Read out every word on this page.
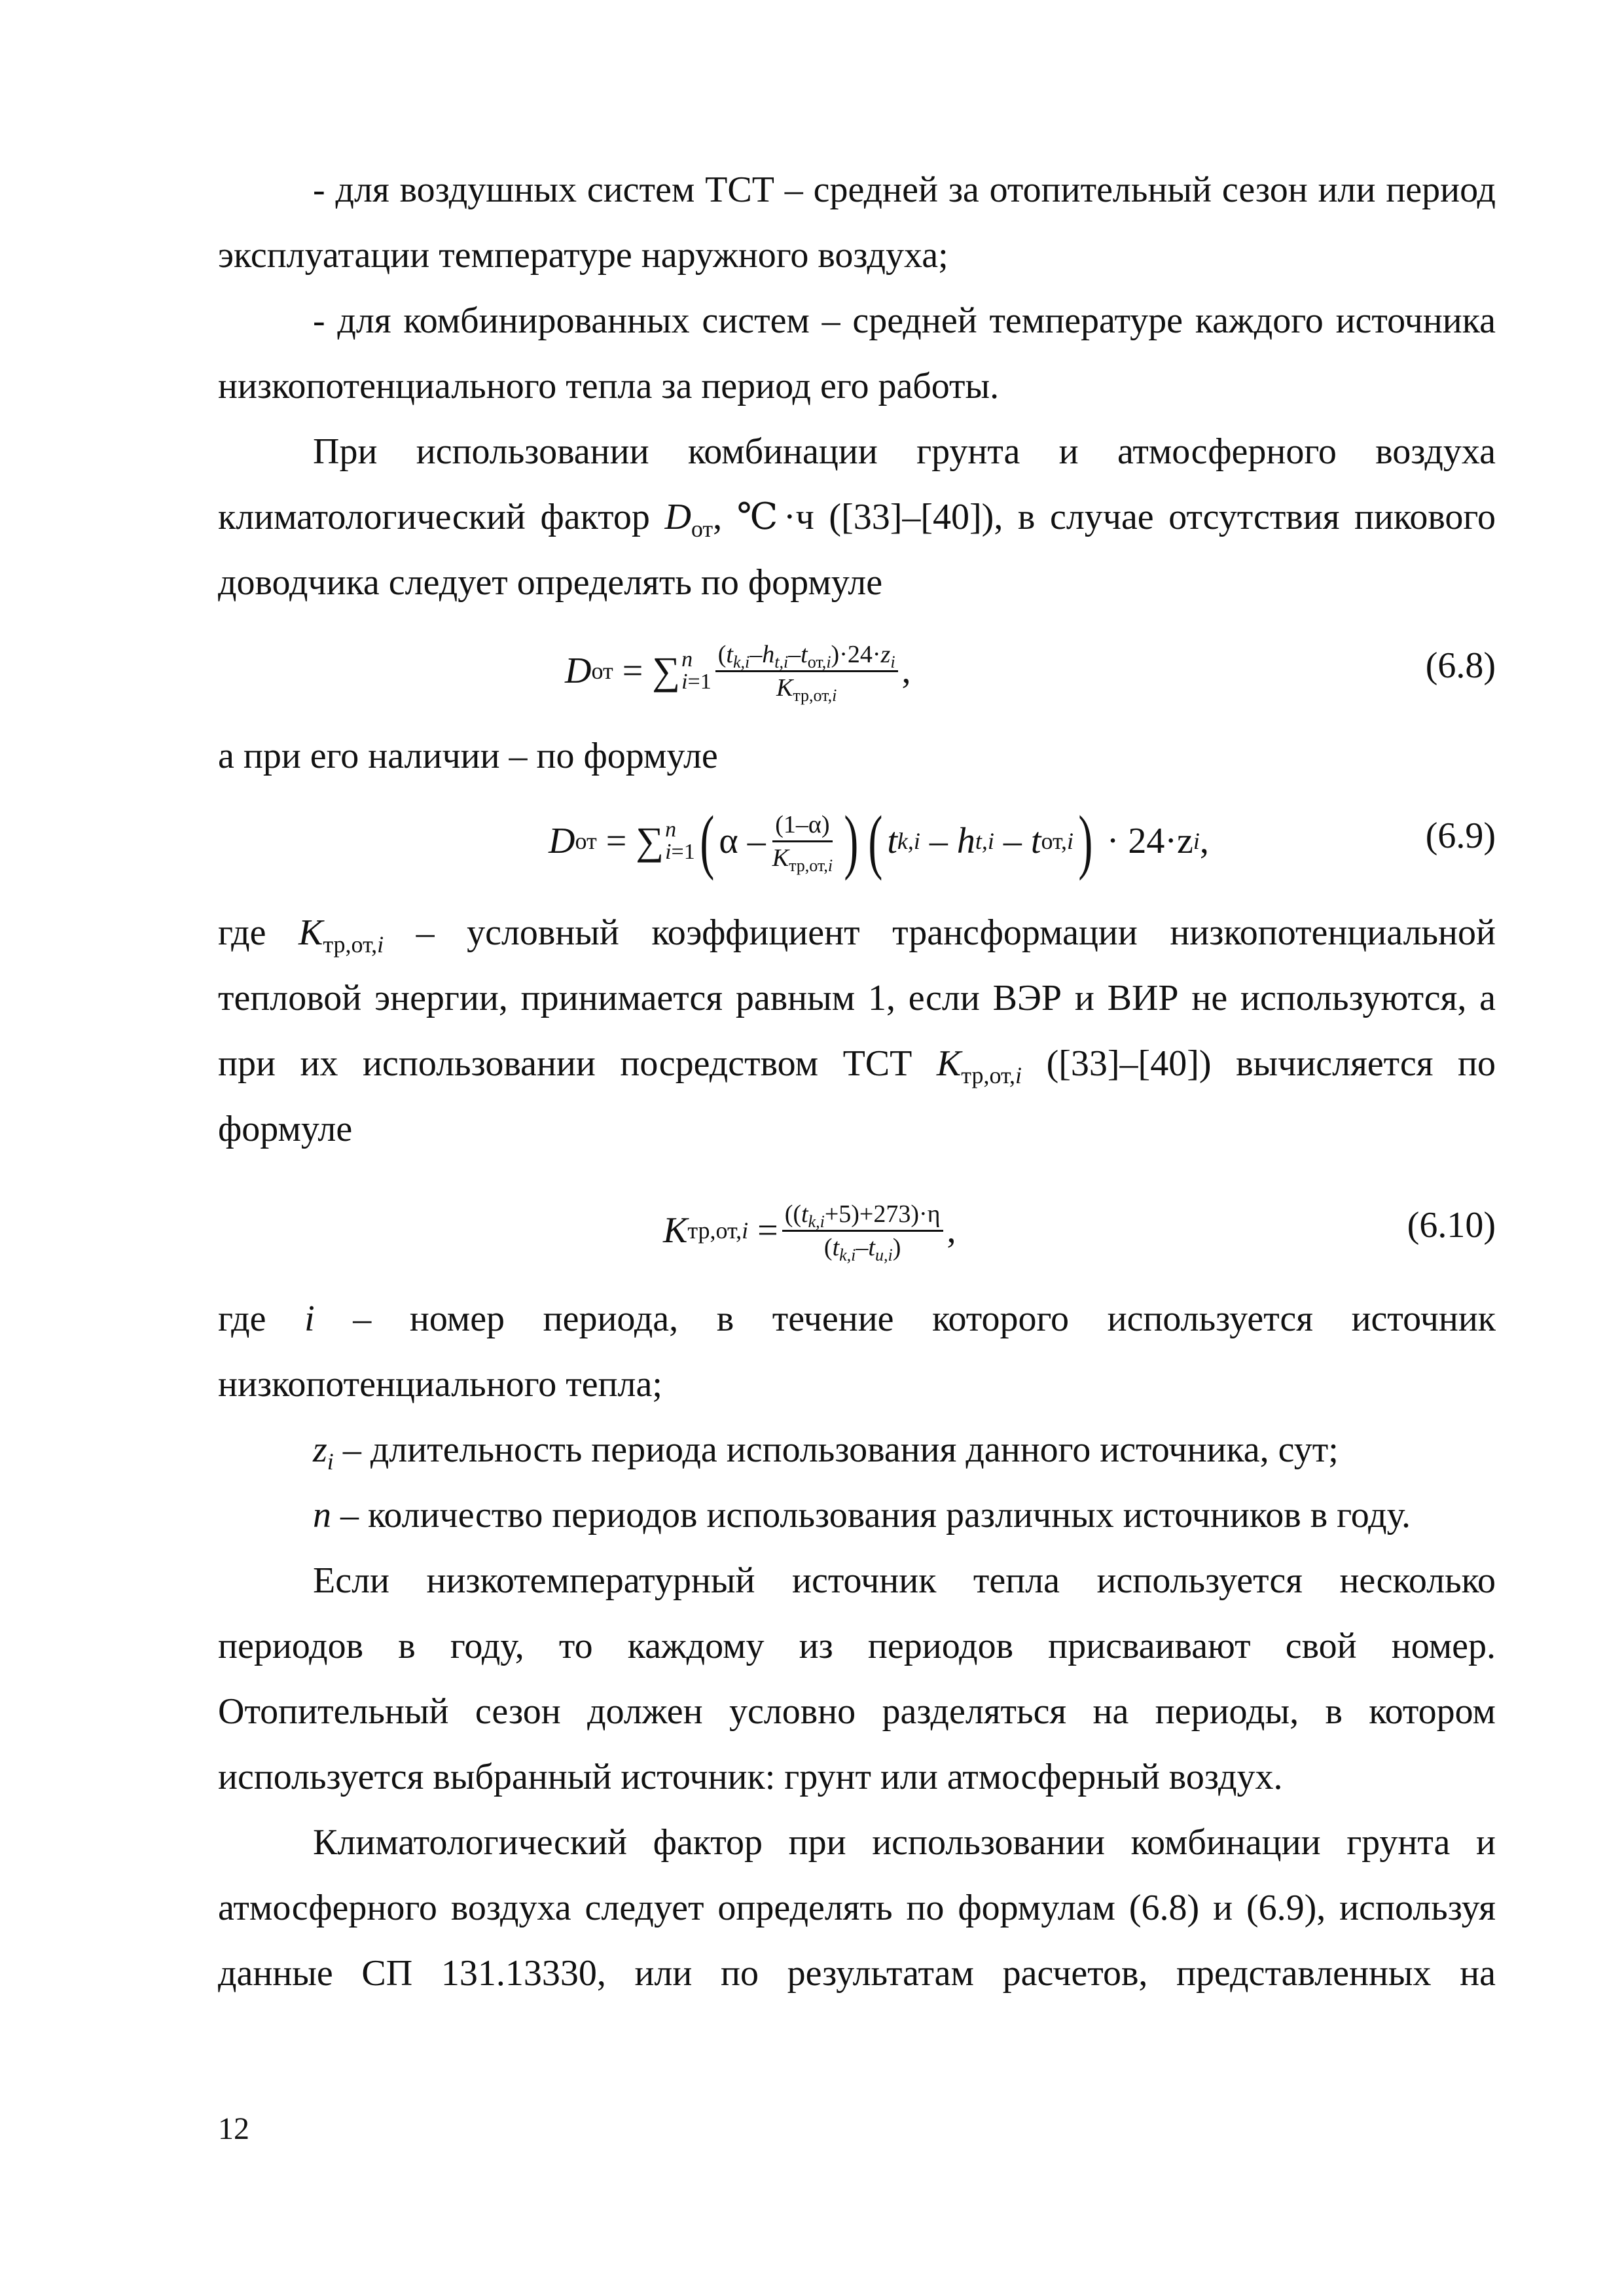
- для воздушных систем ТСТ – средней за отопительный сезон или период эксплуатации температуре наружного воздуха;

- для комбинированных систем – средней температуре каждого источника низкопотенциального тепла за период его работы.

При использовании комбинации грунта и атмосферного воздуха климатологический фактор $D_{от}$, ℃·ч ([33]–[40]), в случае отсутствия пикового доводчика следует определять по формуле

D от = ∑ n
$i=1 \frac{(t_{k,i}-h_{t,i}-t_{от,i})\cdot 24\cdot z_i}{K_{тр,от,i}}$ ,	(6.8)

а при его наличии – по формуле

D от = ∑ n
i=1 ( α – $\frac{(1-\alpha)}{K_{тр,от,i}}$ ) ( t k,i – h t,i – t от,i ) · 24·z i ,	(6.9)

где $K_{тр,от,i}$ – условный коэффициент трансформации низкопотенциальной тепловой энергии, принимается равным 1, если ВЭР и ВИР не используются, а при их использовании посредством ТСТ $K_{тр,от,i}$ ([33]–[40]) вычисляется по формуле

K $тр,от,i = \frac{((t_{k,i}+5)+273)\cdot\eta}{(t_{k,i}-t_{u,i})}$ ,	(6.10)

где i – номер периода, в течение которого используется источник низкопотенциального тепла;

$z_i$ – длительность периода использования данного источника, сут;

n – количество периодов использования различных источников в году.

Если низкотемпературный источник тепла используется несколько периодов в году, то каждому из периодов присваивают свой номер. Отопительный сезон должен условно разделяться на периоды, в котором используется выбранный источник: грунт или атмосферный воздух.

Климатологический фактор при использовании комбинации грунта и атмосферного воздуха следует определять по формулам (6.8) и (6.9), используя данные СП 131.13330, или по результатам расчетов, представленных на

12
